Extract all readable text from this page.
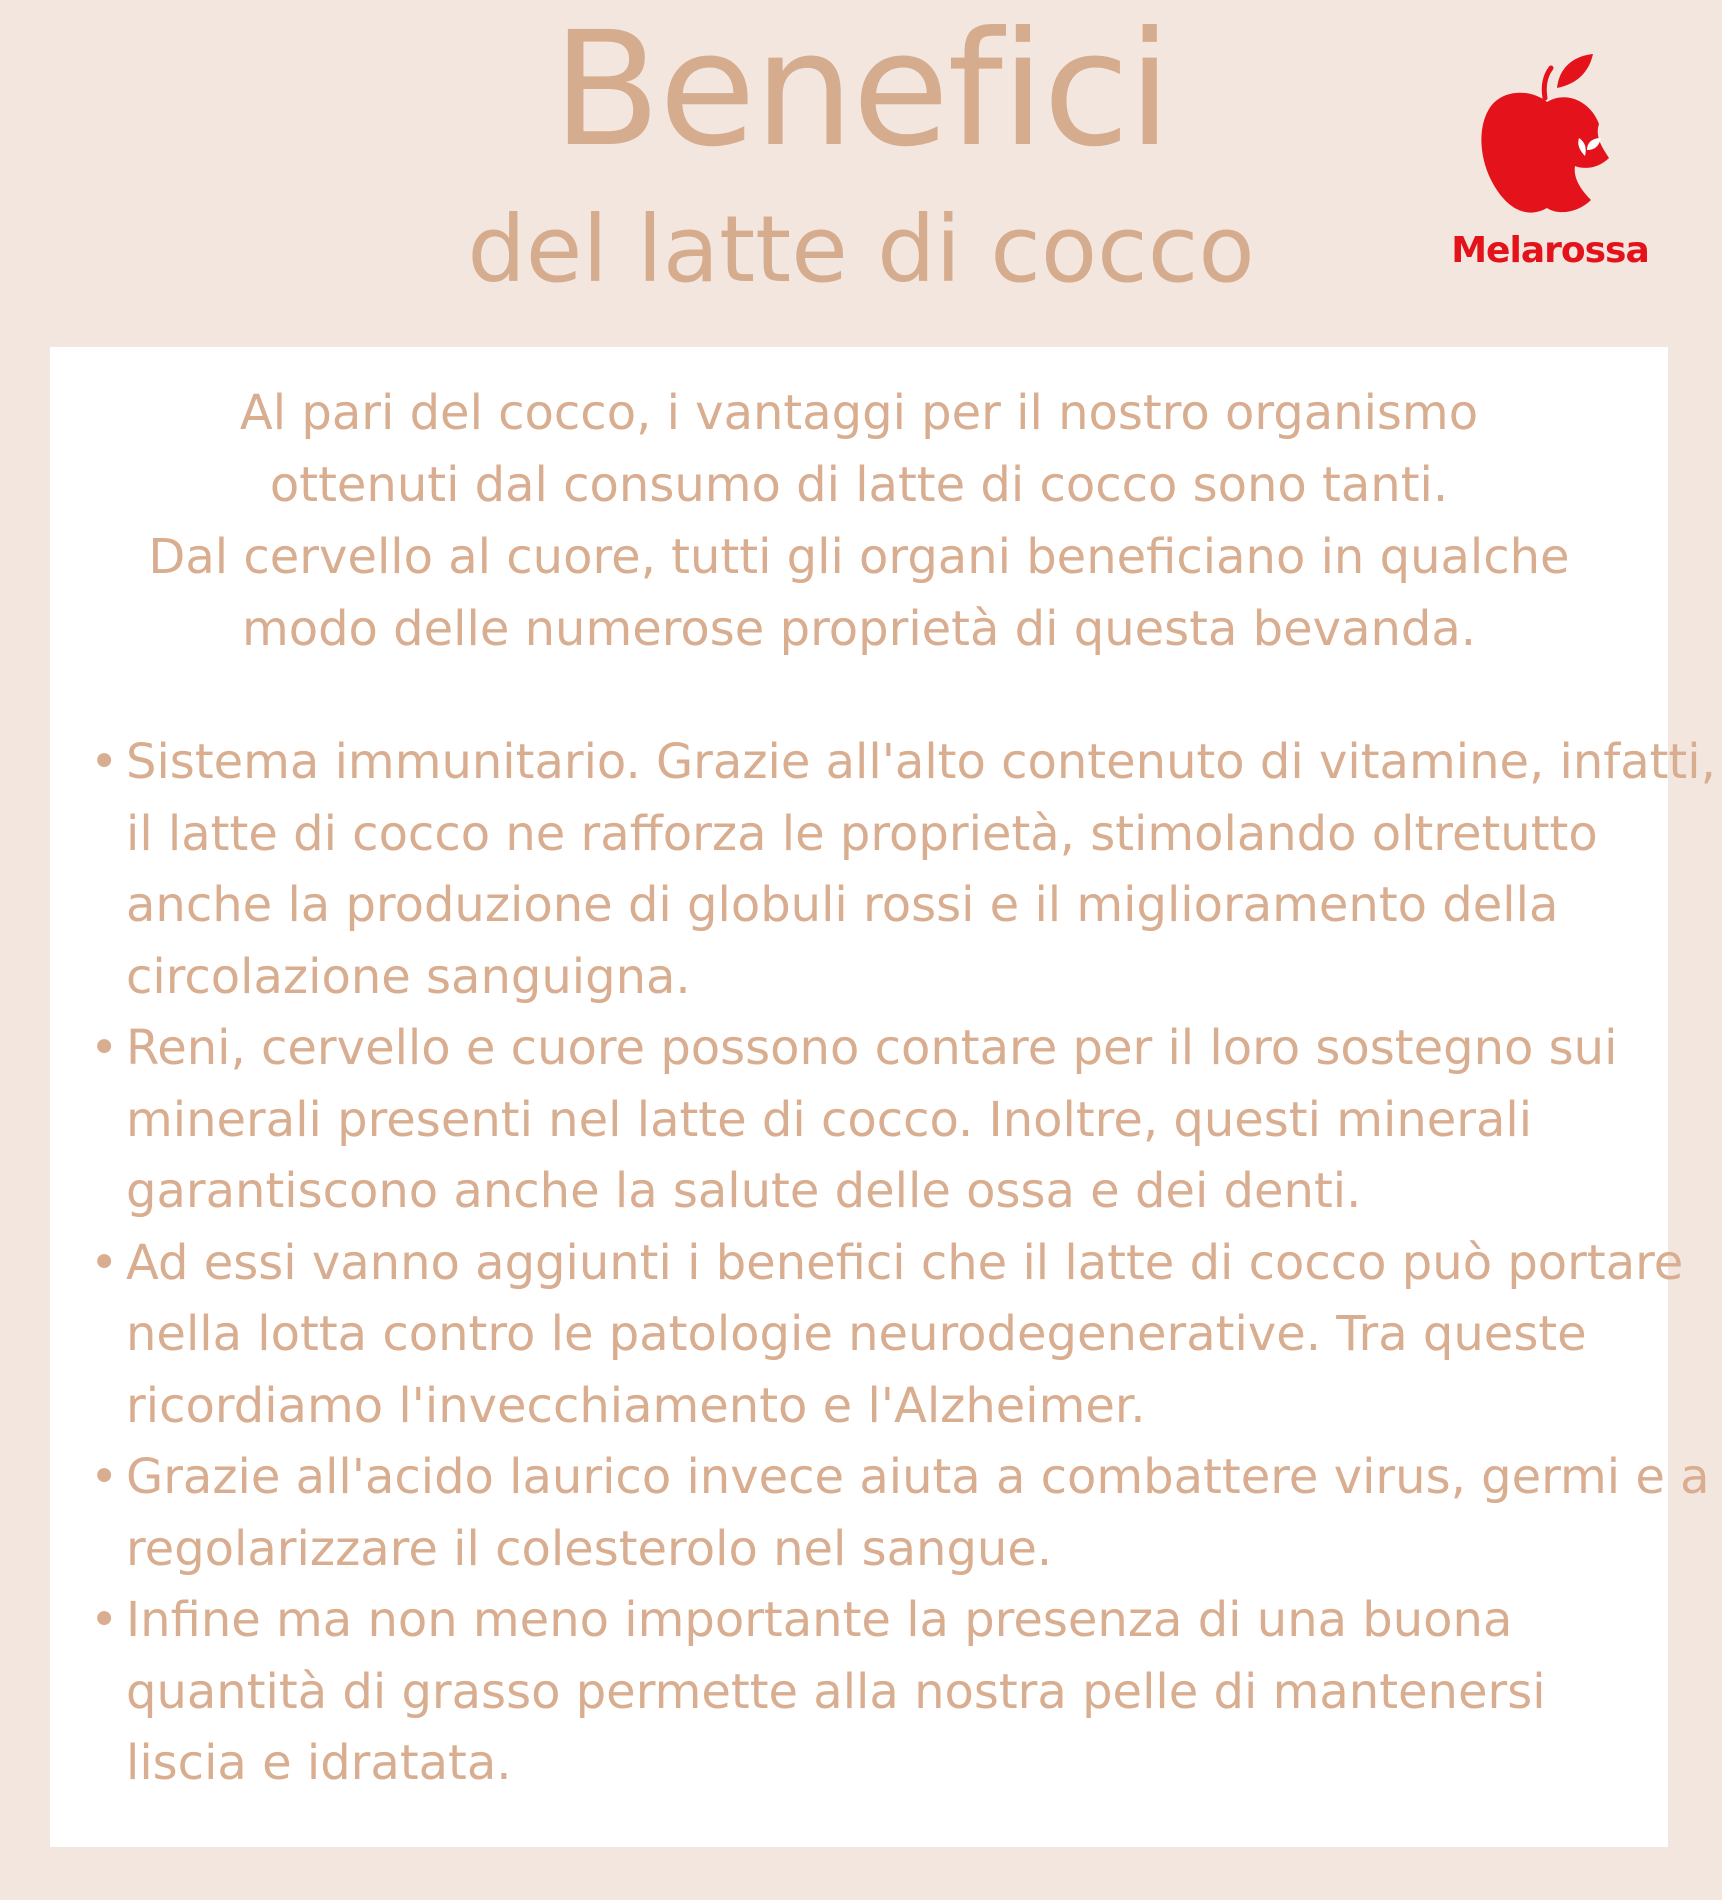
Benefici
del latte di cocco	Melarossa

Al pari del cocco, i vantaggi per il nostro organismo
ottenuti dal consumo di latte di cocco sono tanti.
Dal cervello al cuore, tutti gli organi beneficiano in qualche
modo delle numerose proprietà di questa bevanda.

• Sistema immunitario. Grazie all'alto contenuto di vitamine, infatti,
il latte di cocco ne rafforza le proprietà, stimolando oltretutto
anche la produzione di globuli rossi e il miglioramento della
circolazione sanguigna.
• Reni, cervello e cuore possono contare per il loro sostegno sui
minerali presenti nel latte di cocco. Inoltre, questi minerali
garantiscono anche la salute delle ossa e dei denti.
• Ad essi vanno aggiunti i benefici che il latte di cocco può portare
nella lotta contro le patologie neurodegenerative. Tra queste
ricordiamo l'invecchiamento e l'Alzheimer.
• Grazie all'acido laurico invece aiuta a combattere virus, germi e a
regolarizzare il colesterolo nel sangue.
• Infine ma non meno importante la presenza di una buona
quantità di grasso permette alla nostra pelle di mantenersi
liscia e idratata.
